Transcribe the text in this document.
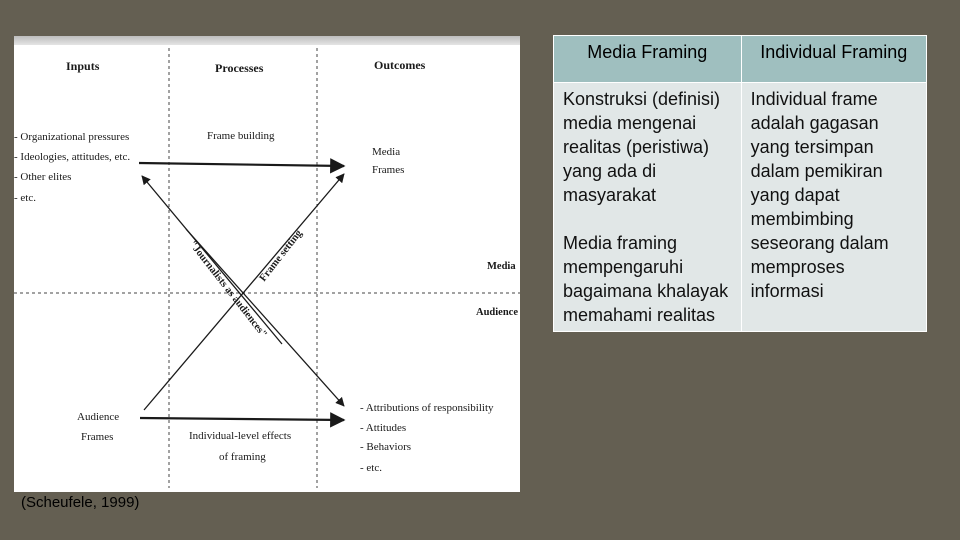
Inputs	Processes	Outcomes
- Organizational pressures
- Ideologies, attitudes, etc.
- Other elites
- etc.
Frame building
Media
Frames
"Journalists as audiences"
Frame setting	Media
Audience
Audience
Frames	Individual-level effects
of framing
- Attributions of responsibility
- Attitudes
- Behaviors
- etc.
(Scheufele, 1999)
Media Framing	Individual Framing

Konstruksi (definisi) media mengenai realitas (peristiwa) yang ada di masyarakat
Media framing mempengaruhi bagaimana khalayak memahami realitas	Individual frame adalah gagasan yang tersimpan dalam pemikiran yang dapat membimbing seseorang dalam memproses informasi
